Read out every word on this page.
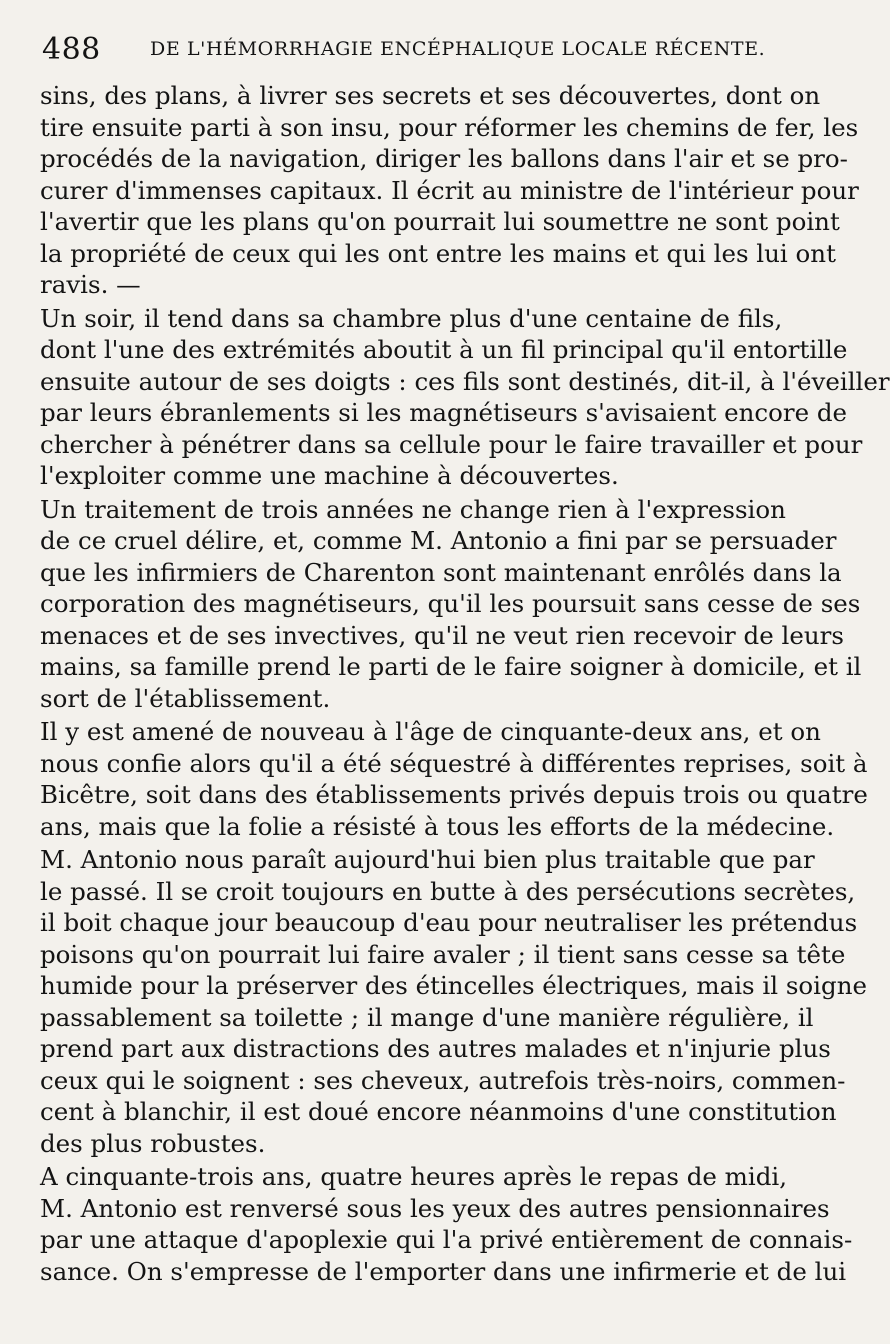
488	DE L'HÉMORRHAGIE ENCÉPHALIQUE LOCALE RÉCENTE.
sins, des plans, à livrer ses secrets et ses découvertes, dont on
tire ensuite parti à son insu, pour réformer les chemins de fer, les
procédés de la navigation, diriger les ballons dans l'air et se pro-
curer d'immenses capitaux. Il écrit au ministre de l'intérieur pour
l'avertir que les plans qu'on pourrait lui soumettre ne sont point
la propriété de ceux qui les ont entre les mains et qui les lui ont
ravis. —
Un soir, il tend dans sa chambre plus d'une centaine de fils,
dont l'une des extrémités aboutit à un fil principal qu'il entortille
ensuite autour de ses doigts : ces fils sont destinés, dit-il, à l'éveiller
par leurs ébranlements si les magnétiseurs s'avisaient encore de
chercher à pénétrer dans sa cellule pour le faire travailler et pour
l'exploiter comme une machine à découvertes.
Un traitement de trois années ne change rien à l'expression
de ce cruel délire, et, comme M. Antonio a fini par se persuader
que les infirmiers de Charenton sont maintenant enrôlés dans la
corporation des magnétiseurs, qu'il les poursuit sans cesse de ses
menaces et de ses invectives, qu'il ne veut rien recevoir de leurs
mains, sa famille prend le parti de le faire soigner à domicile, et il
sort de l'établissement.
Il y est amené de nouveau à l'âge de cinquante-deux ans, et on
nous confie alors qu'il a été séquestré à différentes reprises, soit à
Bicêtre, soit dans des établissements privés depuis trois ou quatre
ans, mais que la folie a résisté à tous les efforts de la médecine.
M. Antonio nous paraît aujourd'hui bien plus traitable que par
le passé. Il se croit toujours en butte à des persécutions secrètes,
il boit chaque jour beaucoup d'eau pour neutraliser les prétendus
poisons qu'on pourrait lui faire avaler ; il tient sans cesse sa tête
humide pour la préserver des étincelles électriques, mais il soigne
passablement sa toilette ; il mange d'une manière régulière, il
prend part aux distractions des autres malades et n'injurie plus
ceux qui le soignent : ses cheveux, autrefois très-noirs, commen-
cent à blanchir, il est doué encore néanmoins d'une constitution
des plus robustes.
A cinquante-trois ans, quatre heures après le repas de midi,
M. Antonio est renversé sous les yeux des autres pensionnaires
par une attaque d'apoplexie qui l'a privé entièrement de connais-
sance. On s'empresse de l'emporter dans une infirmerie et de lui
